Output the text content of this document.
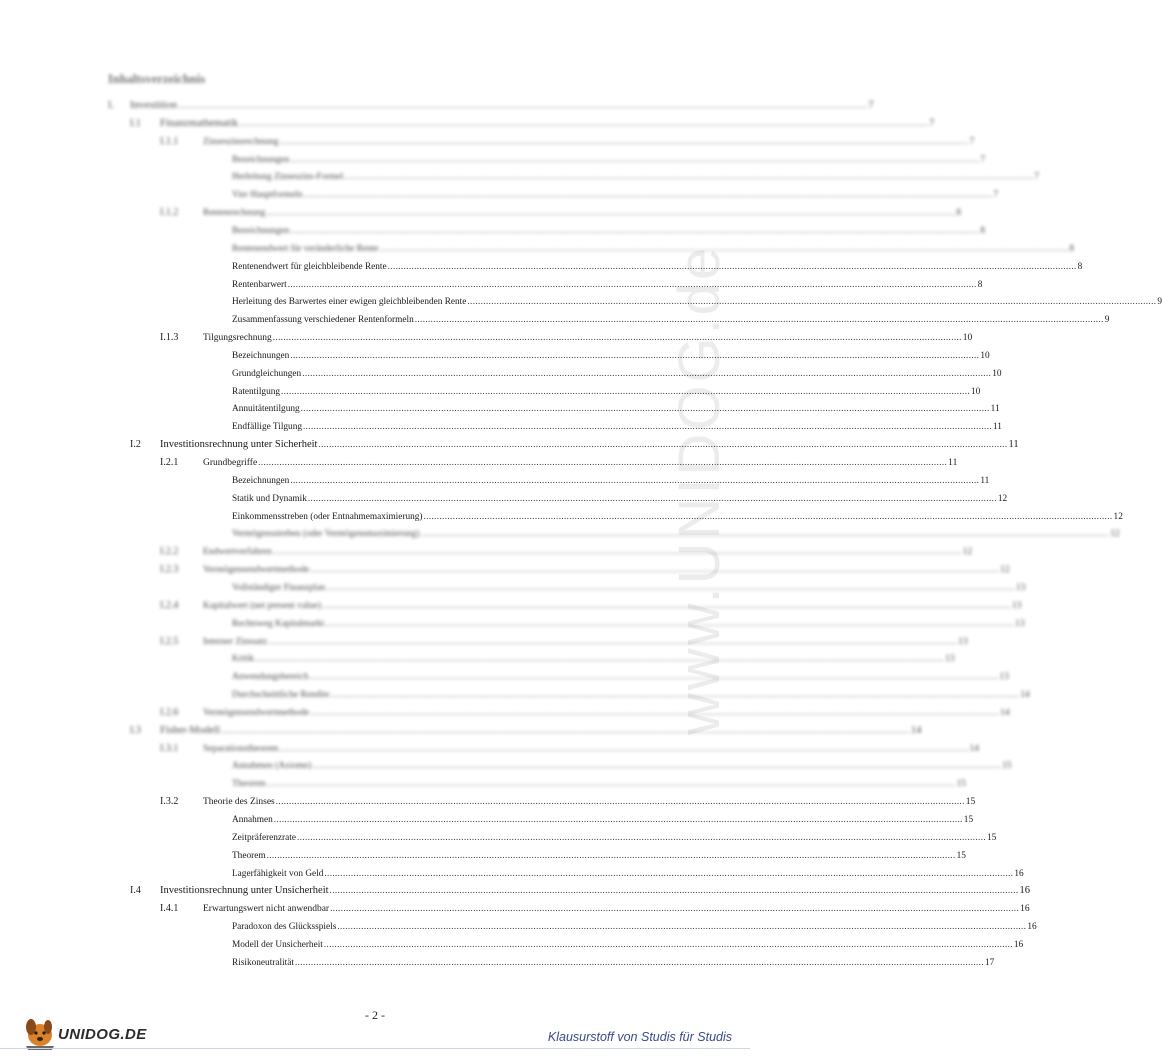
www.UNIDOG.de
Inhaltsverzeichnis
I.	Investition .................................................................................................................................................................................................................................................................... 7
I.1	Finanzmathematik .................................................................................................................................................................................................................................................................... 7
I.1.1	Zinseszinsrechnung .................................................................................................................................................................................................................................................................... 7
Bezeichnungen .................................................................................................................................................................................................................................................................... 7
Herleitung Zinseszins-Formel .................................................................................................................................................................................................................................................................... 7
Vier Hauptformeln .................................................................................................................................................................................................................................................................... 7
I.1.2	Rentenrechnung .................................................................................................................................................................................................................................................................... 8
Bezeichnungen .................................................................................................................................................................................................................................................................... 8
Rentenendwert für veränderliche Rente .................................................................................................................................................................................................................................................................... 8
Rentenendwert für gleichbleibende Rente .................................................................................................................................................................................................................................................................... 8
Rentenbarwert .................................................................................................................................................................................................................................................................... 8
Herleitung des Barwertes einer ewigen gleichbleibenden Rente .................................................................................................................................................................................................................................................................... 9
Zusammenfassung verschiedener Rentenformeln .................................................................................................................................................................................................................................................................... 9
I.1.3	Tilgungsrechnung .................................................................................................................................................................................................................................................................... 10
Bezeichnungen .................................................................................................................................................................................................................................................................... 10
Grundgleichungen .................................................................................................................................................................................................................................................................... 10
Ratentilgung .................................................................................................................................................................................................................................................................... 10
Annuitätentilgung .................................................................................................................................................................................................................................................................... 11
Endfällige Tilgung .................................................................................................................................................................................................................................................................... 11
I.2	Investitionsrechnung unter Sicherheit .................................................................................................................................................................................................................................................................... 11
I.2.1	Grundbegriffe .................................................................................................................................................................................................................................................................... 11
Bezeichnungen .................................................................................................................................................................................................................................................................... 11
Statik und Dynamik .................................................................................................................................................................................................................................................................... 12
Einkommensstreben (oder Entnahmemaximierung) .................................................................................................................................................................................................................................................................... 12
Vermögensstreben (oder Vermögensmaximierung) .................................................................................................................................................................................................................................................................... 12
I.2.2	Endwertverfahren .................................................................................................................................................................................................................................................................... 12
I.2.3	Vermögensendwertmethode .................................................................................................................................................................................................................................................................... 12
Vollständiger Finanzplan .................................................................................................................................................................................................................................................................... 13
I.2.4	Kapitalwert (net present value) .................................................................................................................................................................................................................................................................... 13
Rechtsweg Kapitalmarkt .................................................................................................................................................................................................................................................................... 13
I.2.5	Interner Zinssatz .................................................................................................................................................................................................................................................................... 13
Kritik .................................................................................................................................................................................................................................................................... 13
Anwendungsbereich .................................................................................................................................................................................................................................................................... 13
Durchschnittliche Rendite .................................................................................................................................................................................................................................................................... 14
I.2.6	Vermögensendwertmethode .................................................................................................................................................................................................................................................................... 14
I.3	Fisher-Modell .................................................................................................................................................................................................................................................................... 14
I.3.1	Separationstheorem .................................................................................................................................................................................................................................................................... 14
Annahmen (Axiome) .................................................................................................................................................................................................................................................................... 15
Theorem .................................................................................................................................................................................................................................................................... 15
I.3.2	Theorie des Zinses .................................................................................................................................................................................................................................................................... 15
Annahmen .................................................................................................................................................................................................................................................................... 15
Zeitpräferenzrate .................................................................................................................................................................................................................................................................... 15
Theorem .................................................................................................................................................................................................................................................................... 15
Lagerfähigkeit von Geld .................................................................................................................................................................................................................................................................... 16
I.4	Investitionsrechnung unter Unsicherheit .................................................................................................................................................................................................................................................................... 16
I.4.1	Erwartungswert nicht anwendbar .................................................................................................................................................................................................................................................................... 16
Paradoxon des Glücksspiels .................................................................................................................................................................................................................................................................... 16
Modell der Unsicherheit .................................................................................................................................................................................................................................................................... 16
Risikoneutralität .................................................................................................................................................................................................................................................................... 17
- 2 -
UNIDOG.DE	Klausurstoff von Studis für Studis
